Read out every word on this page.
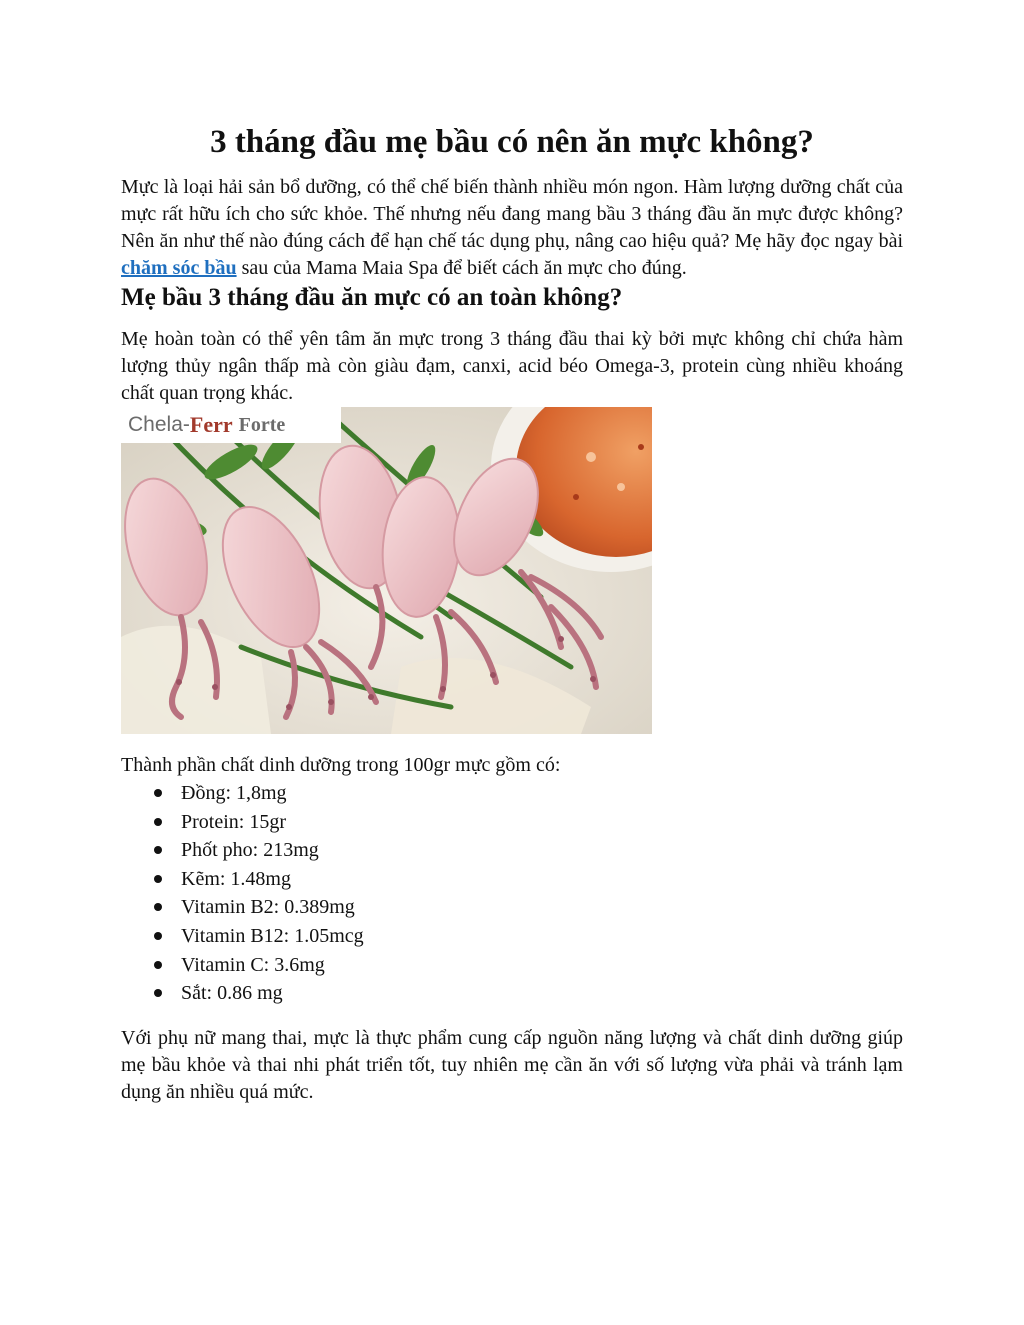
3 tháng đầu mẹ bầu có nên ăn mực không?

Mực là loại hải sản bổ dưỡng, có thể chế biến thành nhiều món ngon. Hàm lượng dưỡng chất của mực rất hữu ích cho sức khỏe. Thế nhưng nếu đang mang bầu 3 tháng đầu ăn mực được không? Nên ăn như thế nào đúng cách để hạn chế tác dụng phụ, nâng cao hiệu quả? Mẹ hãy đọc ngay bài chăm sóc bầu sau của Mama Maia Spa để biết cách ăn mực cho đúng.

Mẹ bầu 3 tháng đầu ăn mực có an toàn không?

Mẹ hoàn toàn có thể yên tâm ăn mực trong 3 tháng đầu thai kỳ bởi mực không chỉ chứa hàm lượng thủy ngân thấp mà còn giàu đạm, canxi, acid béo Omega-3, protein cùng nhiều khoáng chất quan trọng khác.

Chela- Ferr Forte

Thành phần chất dinh dưỡng trong 100gr mực gồm có:

Đồng: 1,8mg
Protein: 15gr
Phốt pho: 213mg
Kẽm: 1.48mg
Vitamin B2: 0.389mg
Vitamin B12: 1.05mcg
Vitamin C: 3.6mg
Sắt: 0.86 mg

Với phụ nữ mang thai, mực là thực phẩm cung cấp nguồn năng lượng và chất dinh dưỡng giúp mẹ bầu khỏe và thai nhi phát triển tốt, tuy nhiên mẹ cần ăn với số lượng vừa phải và tránh lạm dụng ăn nhiều quá mức.
